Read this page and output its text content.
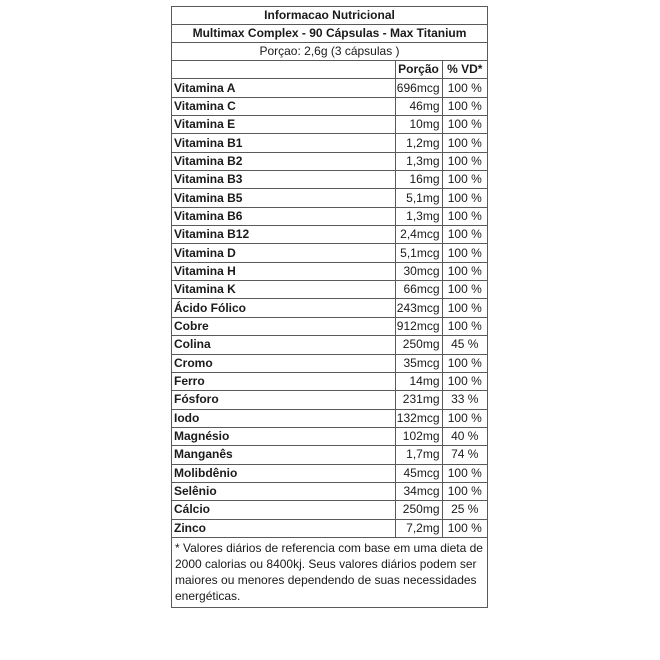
Informacao Nutricional
Multimax Complex - 90 Cápsulas - Max Titanium
Porçao: 2,6g (3 cápsulas )
	Porção	% VD*
Vitamina A	696mcg	100 %
Vitamina C	46mg	100 %
Vitamina E	10mg	100 %
Vitamina B1	1,2mg	100 %
Vitamina B2	1,3mg	100 %
Vitamina B3	16mg	100 %
Vitamina B5	5,1mg	100 %
Vitamina B6	1,3mg	100 %
Vitamina B12	2,4mcg	100 %
Vitamina D	5,1mcg	100 %
Vitamina H	30mcg	100 %
Vitamina K	66mcg	100 %
Ácido Fólico	243mcg	100 %
Cobre	912mcg	100 %
Colina	250mg	45 %
Cromo	35mcg	100 %
Ferro	14mg	100 %
Fósforo	231mg	33 %
Iodo	132mcg	100 %
Magnésio	102mg	40 %
Manganês	1,7mg	74 %
Molibdênio	45mcg	100 %
Selênio	34mcg	100 %
Cálcio	250mg	25 %
Zinco	7,2mg	100 %
* Valores diários de referencia com base em uma dieta de 2000 calorias ou 8400kj. Seus valores diários podem ser maiores ou menores dependendo de suas necessidades energéticas.
